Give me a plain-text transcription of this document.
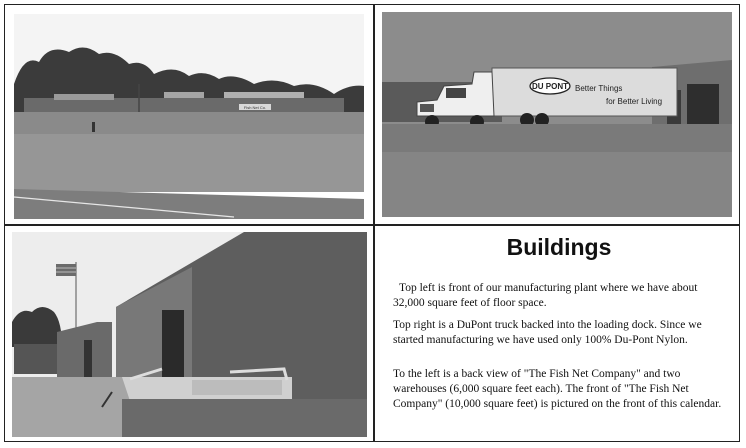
Fish Net Co.
DU PONT Better Things
for Better Living
Buildings
Top left is front of our manufacturing plant where we have about 32,000 square feet of floor space.
Top right is a DuPont truck backed into the loading dock. Since we started manufacturing we have used only 100% Du-Pont Nylon.
To the left is a back view of "The Fish Net Company" and two warehouses (6,000 square feet each). The front of "The Fish Net Company" (10,000 square feet) is pictured on the front of this calendar.
